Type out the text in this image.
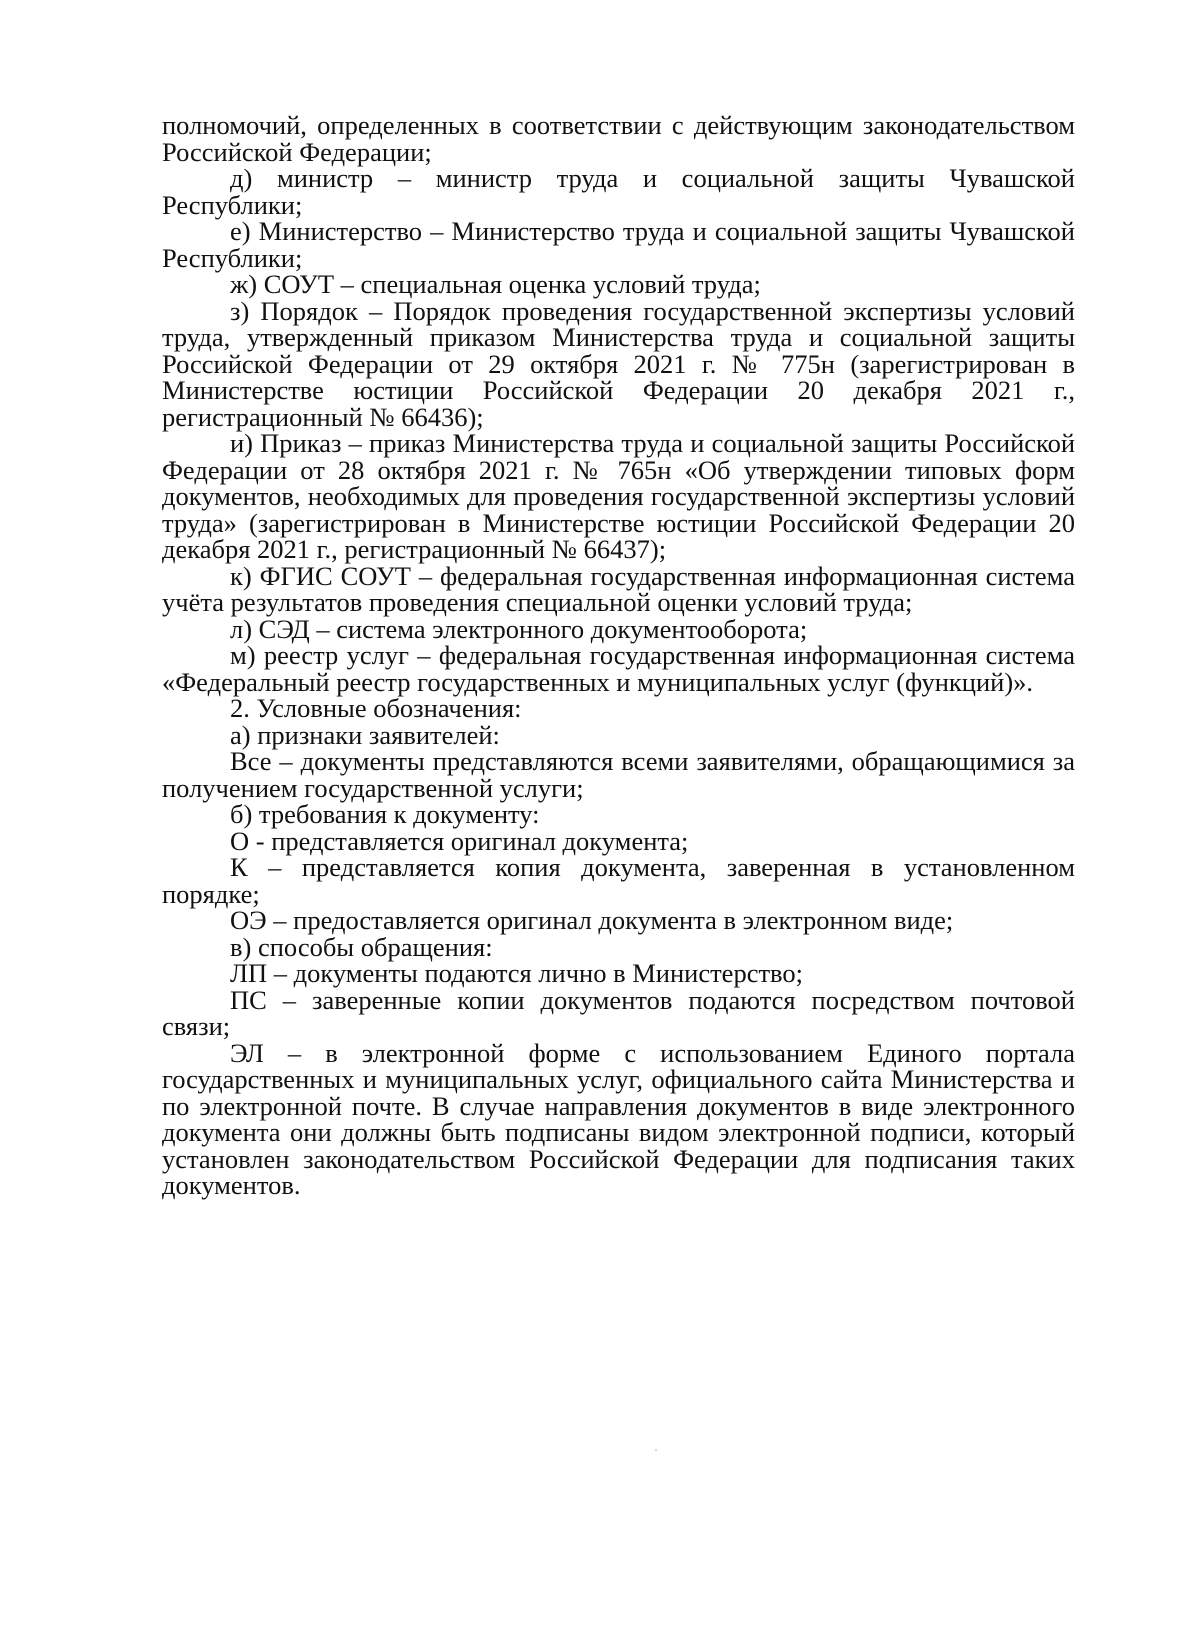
полномочий, определенных в соответствии с действующим законодательством Российской Федерации;

д) министр – министр труда и социальной защиты Чувашской Республики;

е) Министерство – Министерство труда и социальной защиты Чувашской Республики;

ж) СОУТ – специальная оценка условий труда;

з) Порядок – Порядок проведения государственной экспертизы условий труда, утвержденный приказом Министерства труда и социальной защиты Российской Федерации от 29 октября 2021 г. № 775н (зарегистрирован в Министерстве юстиции Российской Федерации 20 декабря 2021 г., регистрационный № 66436);

и) Приказ – приказ Министерства труда и социальной защиты Российской Федерации от 28 октября 2021 г. № 765н «Об утверждении типовых форм документов, необходимых для проведения государственной экспертизы условий труда» (зарегистрирован в Министерстве юстиции Российской Федерации 20 декабря 2021 г., регистрационный № 66437);

к) ФГИС СОУТ – федеральная государственная информационная система учёта результатов проведения специальной оценки условий труда;

л) СЭД – система электронного документооборота;

м) реестр услуг – федеральная государственная информационная система «Федеральный реестр государственных и муниципальных услуг (функций)».

2. Условные обозначения:

а) признаки заявителей:

Все – документы представляются всеми заявителями, обращающимися за получением государственной услуги;

б) требования к документу:

О - представляется оригинал документа;

К – представляется копия документа, заверенная в установленном порядке;

ОЭ – предоставляется оригинал документа в электронном виде;

в) способы обращения:

ЛП – документы подаются лично в Министерство;

ПС – заверенные копии документов подаются посредством почтовой связи;

ЭЛ – в электронной форме с использованием Единого портала государственных и муниципальных услуг, официального сайта Министерства и по электронной почте. В случае направления документов в виде электронного документа они должны быть подписаны видом электронной подписи, который установлен законодательством Российской Федерации для подписания таких документов.
